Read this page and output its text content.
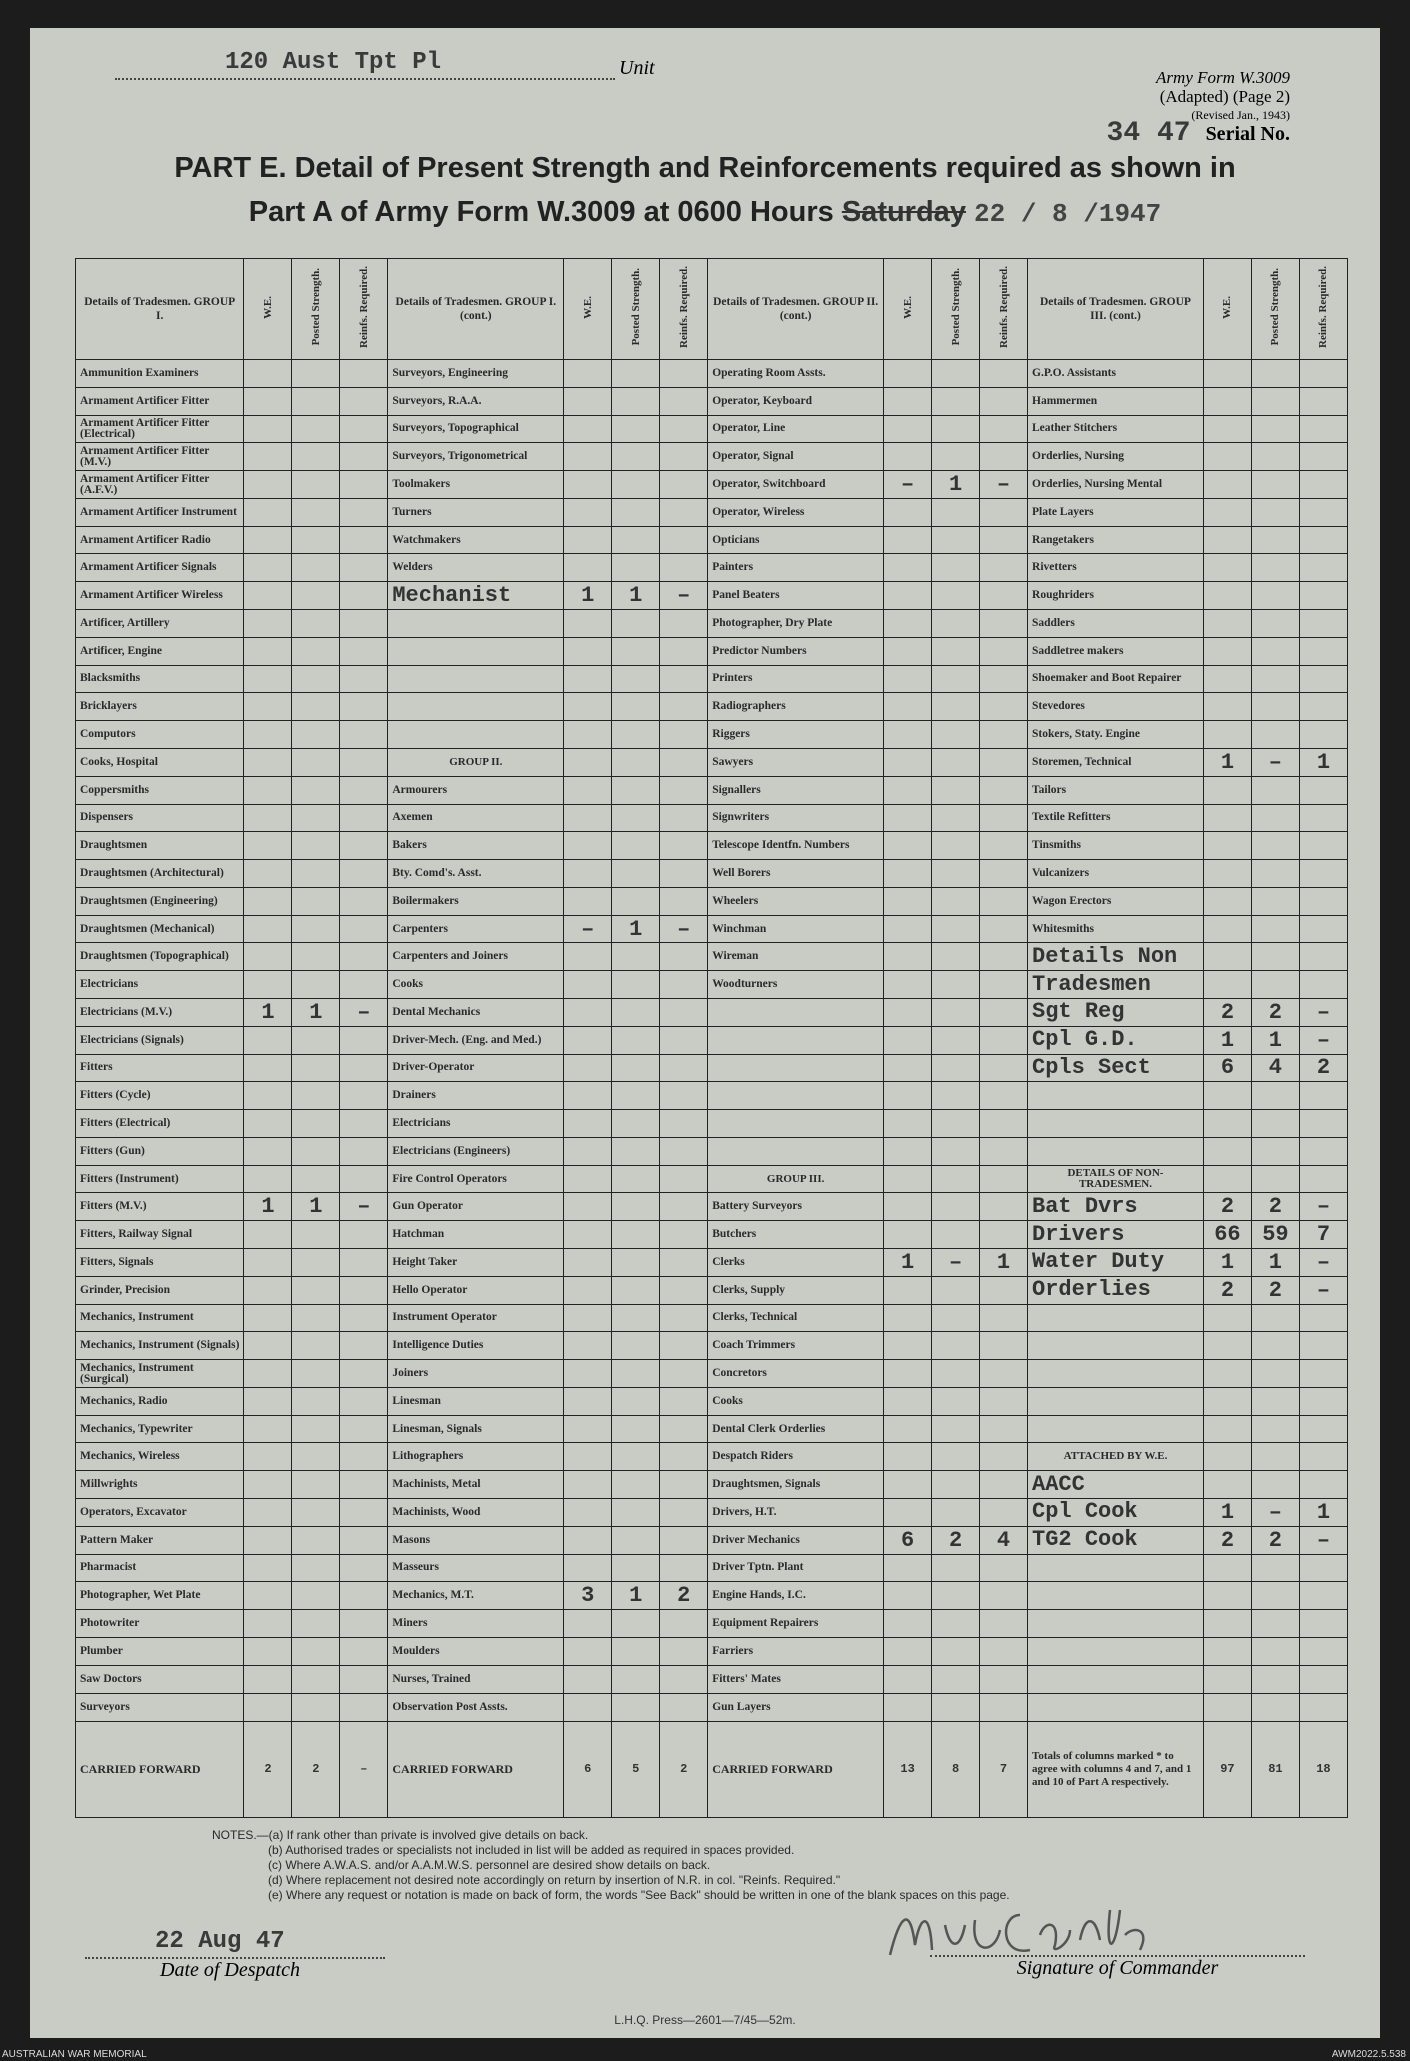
120 Aust Tpt Pl	Unit	Army Form W.3009
(Adapted) (Page 2)
(Revised Jan., 1943)
34 47 Serial No.
PART E. Detail of Present Strength and Reinforcements required as shown in
Part A of Army Form W.3009 at 0600 Hours Saturday 22 / 8 /1947
Details of Tradesmen. GROUP I.	W.E.	Posted Strength.	Reinfs. Required.	Details of Tradesmen. GROUP I. (cont.)	W.E.	Posted Strength.	Reinfs. Required.	Details of Tradesmen. GROUP II. (cont.)	W.E.	Posted Strength.	Reinfs. Required.	Details of Tradesmen. GROUP III. (cont.)	W.E.	Posted Strength.	Reinfs. Required.
Ammunition Examiners				Surveyors, Engineering				Operating Room Assts.				G.P.O. Assistants			
Armament Artificer Fitter				Surveyors, R.A.A.				Operator, Keyboard				Hammermen			
Armament Artificer Fitter (Electrical)				Surveyors, Topographical				Operator, Line				Leather Stitchers			
Armament Artificer Fitter (M.V.)				Surveyors, Trigonometrical				Operator, Signal				Orderlies, Nursing			
Armament Artificer Fitter (A.F.V.)				Toolmakers				Operator, Switchboard	–	1	–	Orderlies, Nursing Mental			
Armament Artificer Instrument				Turners				Operator, Wireless				Plate Layers			
Armament Artificer Radio				Watchmakers				Opticians				Rangetakers			
Armament Artificer Signals				Welders				Painters				Rivetters			
Armament Artificer Wireless				Mechanist	1	1	–	Panel Beaters				Roughriders			
Artificer, Artillery								Photographer, Dry Plate				Saddlers			
Artificer, Engine								Predictor Numbers				Saddletree makers			
Blacksmiths								Printers				Shoemaker and Boot Repairer			
Bricklayers								Radiographers				Stevedores			
Computors								Riggers				Stokers, Staty. Engine			
Cooks, Hospital				GROUP II.				Sawyers				Storemen, Technical	1	–	1
Coppersmiths				Armourers				Signallers				Tailors			
Dispensers				Axemen				Signwriters				Textile Refitters			
Draughtsmen				Bakers				Telescope Identfn. Numbers				Tinsmiths			
Draughtsmen (Architectural)				Bty. Comd's. Asst.				Well Borers				Vulcanizers			
Draughtsmen (Engineering)				Boilermakers				Wheelers				Wagon Erectors			
Draughtsmen (Mechanical)				Carpenters	–	1	–	Winchman				Whitesmiths			
Draughtsmen (Topographical)				Carpenters and Joiners				Wireman				Details Non			
Electricians				Cooks				Woodturners				Tradesmen			
Electricians (M.V.)	1	1	–	Dental Mechanics								Sgt Reg	2	2	–
Electricians (Signals)				Driver-Mech. (Eng. and Med.)								Cpl G.D.	1	1	–
Fitters				Driver-Operator								Cpls Sect	6	4	2
Fitters (Cycle)				Drainers											
Fitters (Electrical)				Electricians											
Fitters (Gun)				Electricians (Engineers)											
Fitters (Instrument)				Fire Control Operators				GROUP III.				DETAILS OF NON-TRADESMEN.			
Fitters (M.V.)	1	1	–	Gun Operator				Battery Surveyors				Bat Dvrs	2	2	–
Fitters, Railway Signal				Hatchman				Butchers				Drivers	66	59	7
Fitters, Signals				Height Taker				Clerks	1	–	1	Water Duty	1	1	–
Grinder, Precision				Hello Operator				Clerks, Supply				Orderlies	2	2	–
Mechanics, Instrument				Instrument Operator				Clerks, Technical							
Mechanics, Instrument (Signals)				Intelligence Duties				Coach Trimmers							
Mechanics, Instrument (Surgical)				Joiners				Concretors							
Mechanics, Radio				Linesman				Cooks							
Mechanics, Typewriter				Linesman, Signals				Dental Clerk Orderlies							
Mechanics, Wireless				Lithographers				Despatch Riders				ATTACHED BY W.E.			
Millwrights				Machinists, Metal				Draughtsmen, Signals				AACC			
Operators, Excavator				Machinists, Wood				Drivers, H.T.				Cpl Cook	1	–	1
Pattern Maker				Masons				Driver Mechanics	6	2	4	TG2 Cook	2	2	–
Pharmacist				Masseurs				Driver Tptn. Plant							
Photographer, Wet Plate				Mechanics, M.T.	3	1	2	Engine Hands, I.C.							
Photowriter				Miners				Equipment Repairers							
Plumber				Moulders				Farriers							
Saw Doctors				Nurses, Trained				Fitters' Mates							
Surveyors				Observation Post Assts.				Gun Layers							
CARRIED FORWARD	2	2	–	CARRIED FORWARD	6	5	2	CARRIED FORWARD	13	8	7	Totals of columns marked * to agree with columns 4 and 7, and 1 and 10 of Part A respectively.	97	81	18
NOTES.—(a) If rank other than private is involved give details on back.
(b) Authorised trades or specialists not included in list will be added as required in spaces provided.
(c) Where A.W.A.S. and/or A.A.M.W.S. personnel are desired show details on back.
(d) Where replacement not desired note accordingly on return by insertion of N.R. in col. "Reinfs. Required."
(e) Where any request or notation is made on back of form, the words "See Back" should be written in one of the blank spaces on this page.
22 Aug 47
Date of Despatch	Signature of Commander
L.H.Q. Press—2601—7/45—52m.
AUSTRALIAN WAR MEMORIAL	AWM2022.5.538
